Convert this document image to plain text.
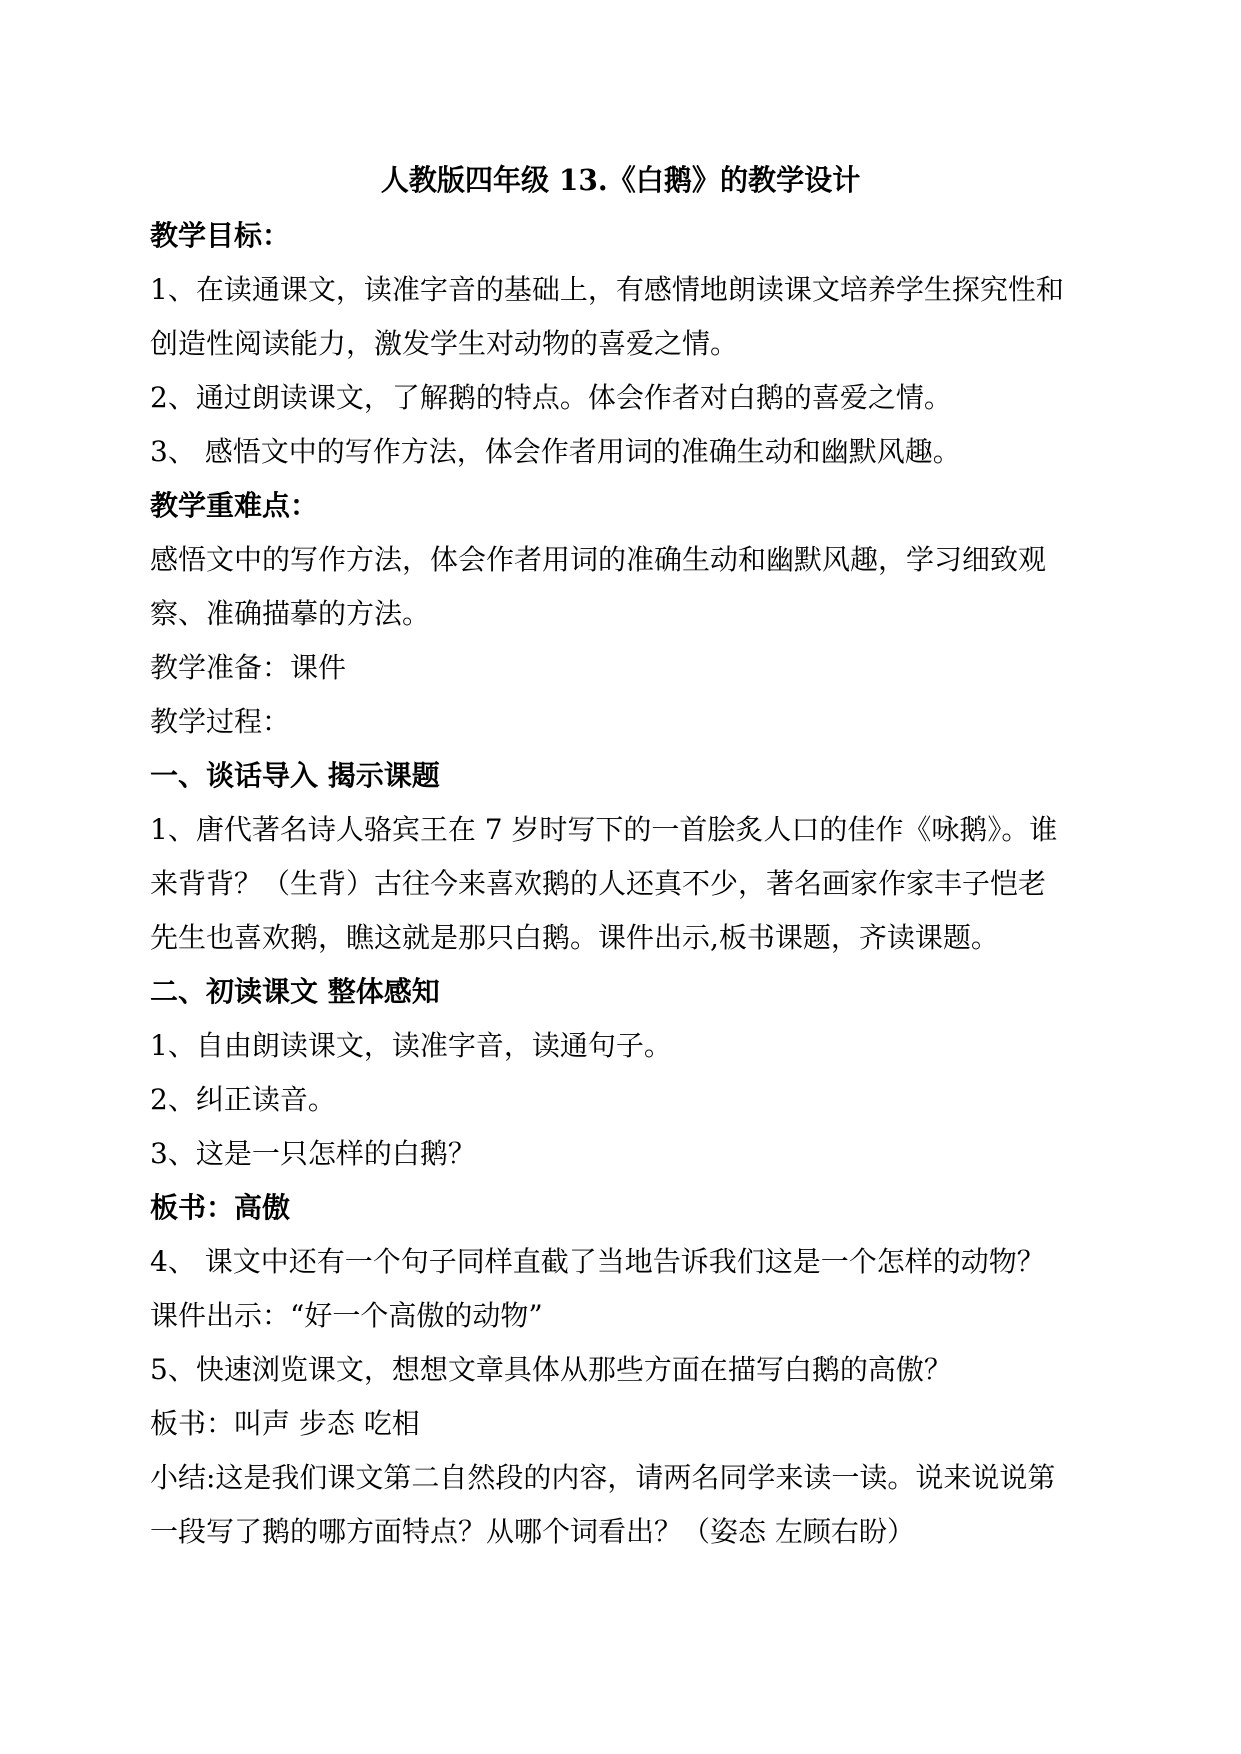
人教版四年级 13.《白鹅》的教学设计
教学目标：
1、在读通课文，读准字音的基础上，有感情地朗读课文培养学生探究性和
创造性阅读能力，激发学生对动物的喜爱之情。
2、通过朗读课文，了解鹅的特点。体会作者对白鹅的喜爱之情。
3、 感悟文中的写作方法，体会作者用词的准确生动和幽默风趣。
教学重难点：
感悟文中的写作方法，体会作者用词的准确生动和幽默风趣，学习细致观
察、准确描摹的方法。
教学准备：课件
教学过程：
一、谈话导入 揭示课题
1、唐代著名诗人骆宾王在 7 岁时写下的一首脍炙人口的佳作《咏鹅》。谁
来背背？（生背）古往今来喜欢鹅的人还真不少，著名画家作家丰子恺老
先生也喜欢鹅，瞧这就是那只白鹅。课件出示,板书课题，齐读课题。
二、初读课文 整体感知
1、自由朗读课文，读准字音，读通句子。
2、纠正读音。
3、这是一只怎样的白鹅？
板书：高傲
4、 课文中还有一个句子同样直截了当地告诉我们这是一个怎样的动物？
课件出示：“好一个高傲的动物”
5、快速浏览课文，想想文章具体从那些方面在描写白鹅的高傲？
板书：叫声 步态 吃相
小结:这是我们课文第二自然段的内容，请两名同学来读一读。说来说说第
一段写了鹅的哪方面特点？从哪个词看出？（姿态 左顾右盼）
